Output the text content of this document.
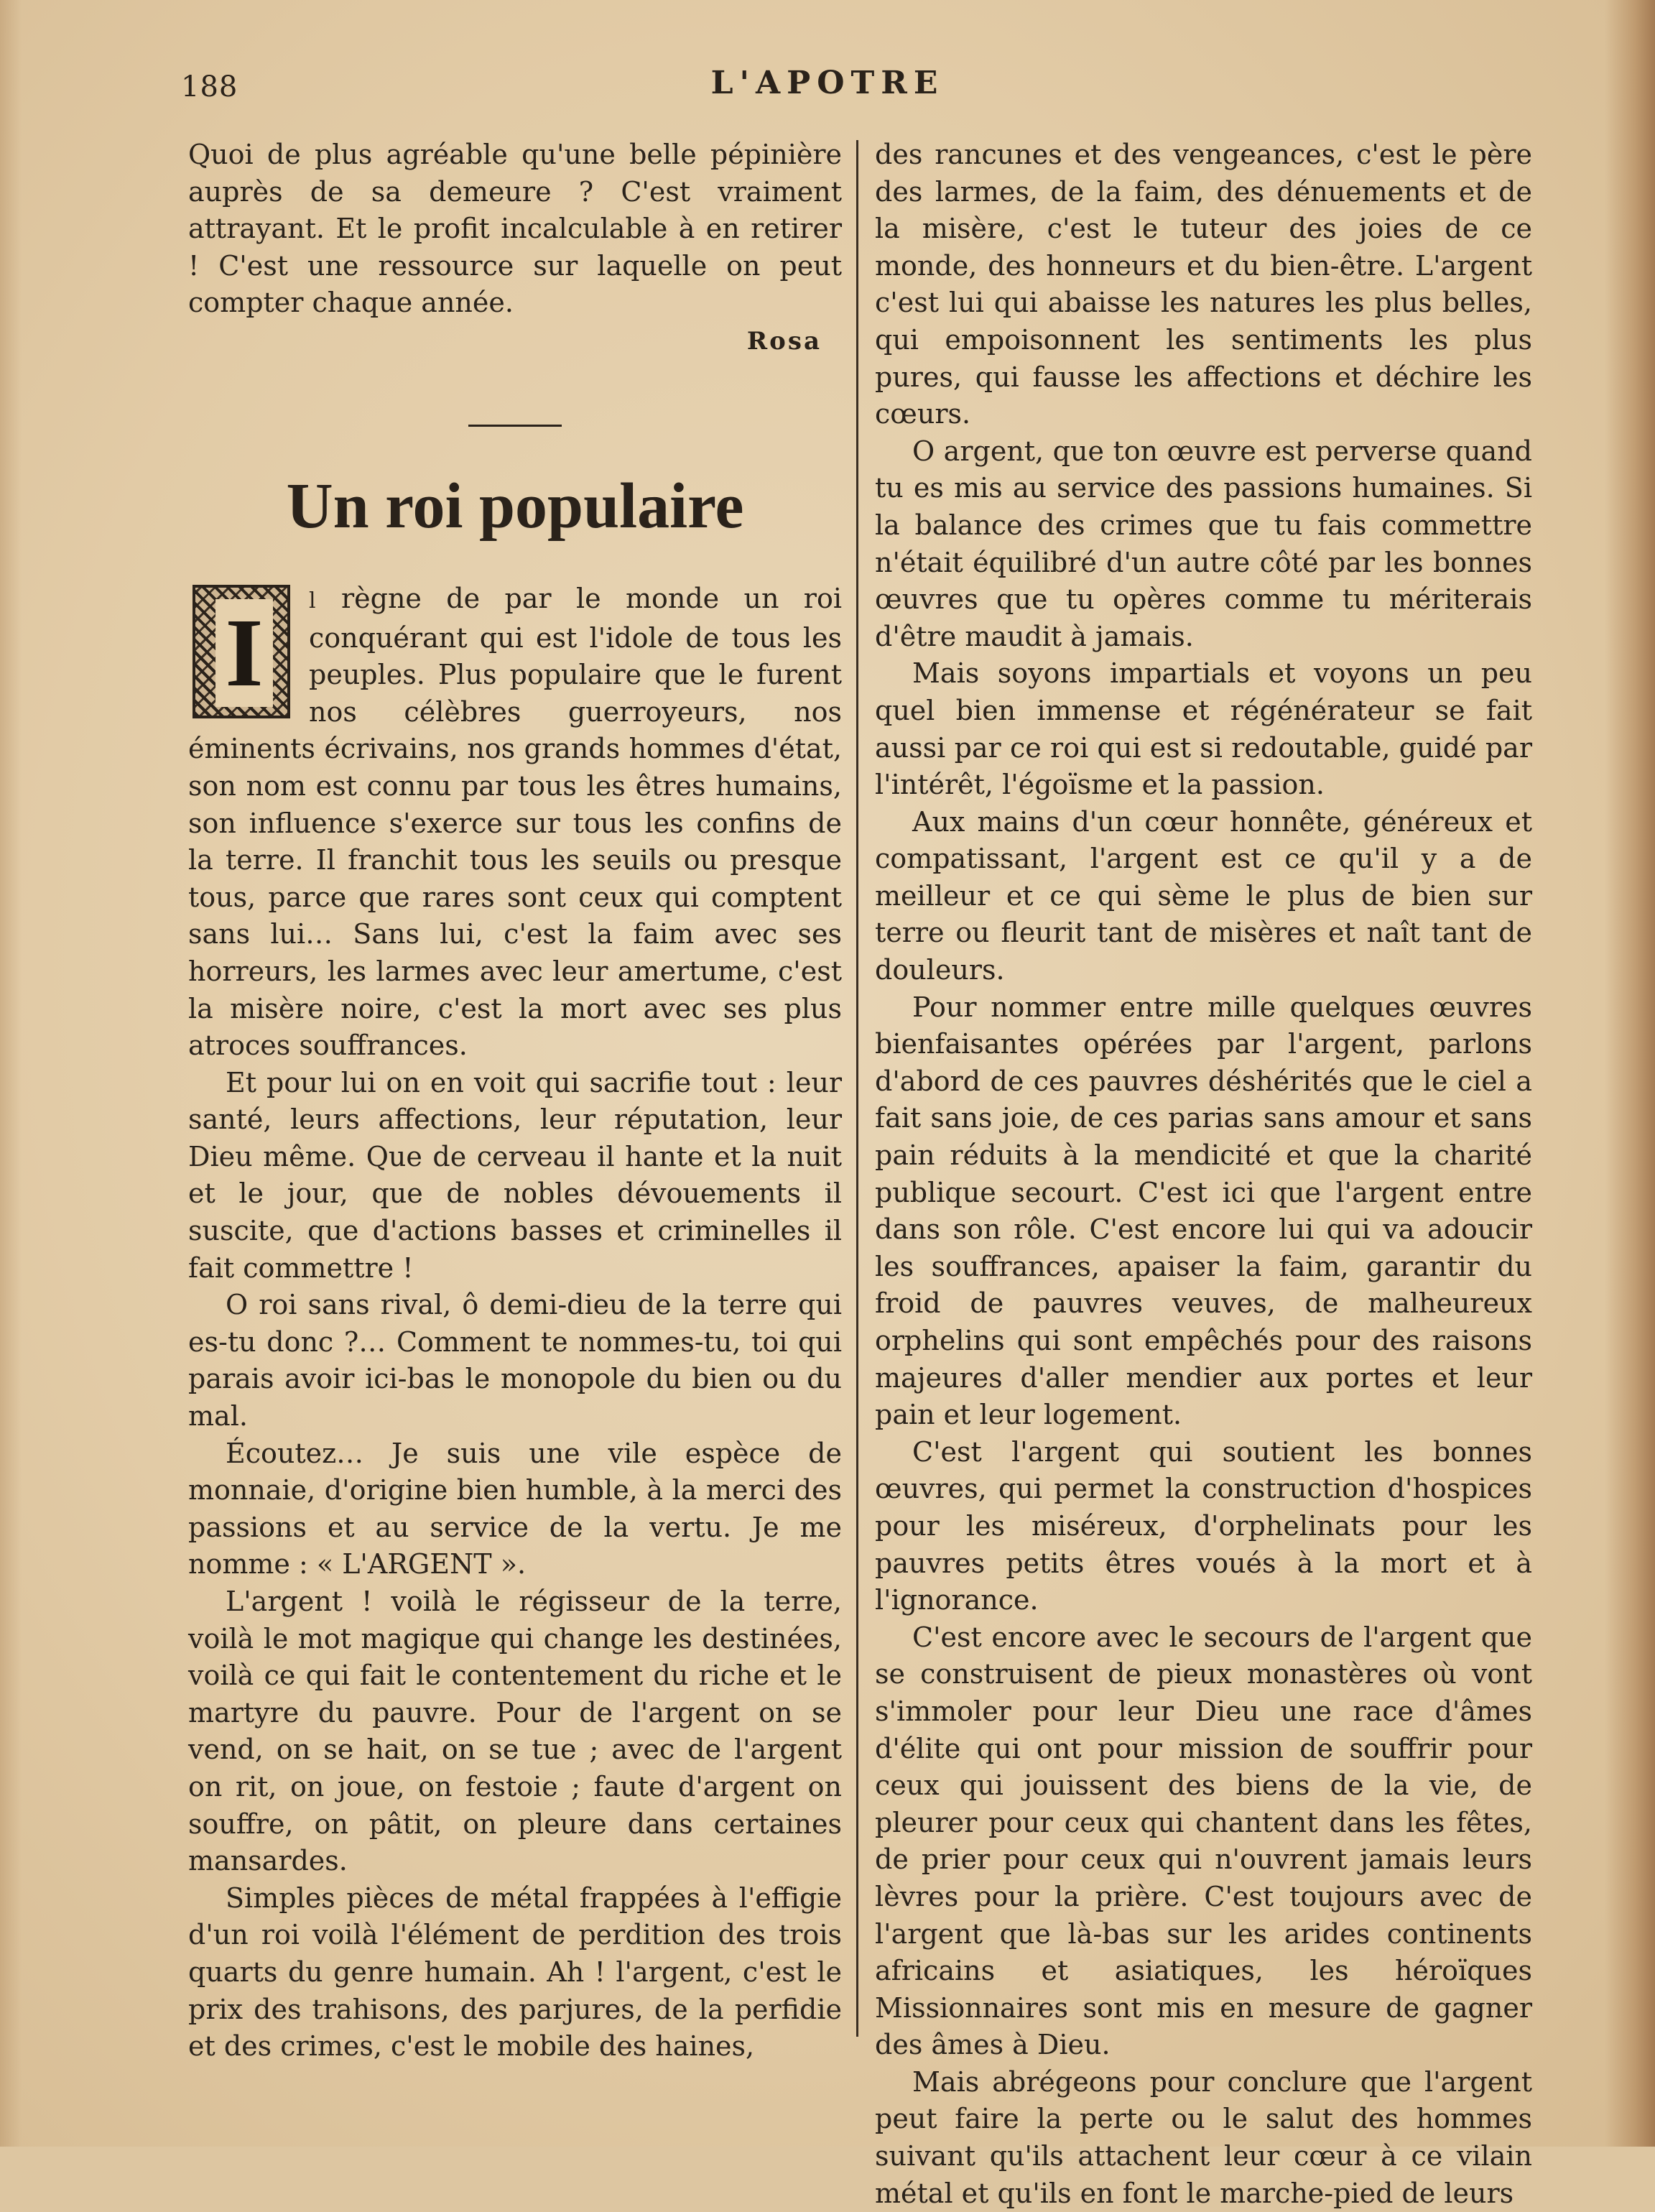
188	L'APOTRE

Quoi de plus agréable qu'une belle pépinière auprès de sa demeure ? C'est vraiment attrayant. Et le profit incalculable à en retirer ! C'est une ressource sur laquelle on peut compter chaque année.

Rosa
Un roi populaire
I	l règne de par le monde un roi conquérant qui est l'idole de tous les peuples. Plus populaire que le furent nos célèbres guerroyeurs, nos éminents écrivains, nos grands hommes d'état, son nom est connu par tous les êtres humains, son influence s'exerce sur tous les confins de la terre. Il franchit tous les seuils ou presque tous, parce que rares sont ceux qui comptent sans lui… Sans lui, c'est la faim avec ses horreurs, les larmes avec leur amertume, c'est la misère noire, c'est la mort avec ses plus atroces souffrances.

Et pour lui on en voit qui sacrifie tout : leur santé, leurs affections, leur réputation, leur Dieu même. Que de cerveau il hante et la nuit et le jour, que de nobles dévouements il suscite, que d'actions basses et criminelles il fait commettre !

O roi sans rival, ô demi-dieu de la terre qui es-tu donc ?… Comment te nommes-tu, toi qui parais avoir ici-bas le monopole du bien ou du mal.

Écoutez… Je suis une vile espèce de monnaie, d'origine bien humble, à la merci des passions et au service de la vertu. Je me nomme : « L'ARGENT ».

L'argent ! voilà le régisseur de la terre, voilà le mot magique qui change les destinées, voilà ce qui fait le contentement du riche et le martyre du pauvre. Pour de l'argent on se vend, on se hait, on se tue ; avec de l'argent on rit, on joue, on festoie ; faute d'argent on souffre, on pâtit, on pleure dans certaines mansardes.

Simples pièces de métal frappées à l'effigie d'un roi voilà l'élément de perdition des trois quarts du genre humain. Ah ! l'argent, c'est le prix des trahisons, des parjures, de la perfidie et des crimes, c'est le mobile des haines,

des rancunes et des vengeances, c'est le père des larmes, de la faim, des dénuements et de la misère, c'est le tuteur des joies de ce monde, des honneurs et du bien-être. L'argent c'est lui qui abaisse les natures les plus belles, qui empoisonnent les sentiments les plus pures, qui fausse les affections et déchire les cœurs.

O argent, que ton œuvre est perverse quand tu es mis au service des passions humaines. Si la balance des crimes que tu fais commettre n'était équilibré d'un autre côté par les bonnes œuvres que tu opères comme tu mériterais d'être maudit à jamais.

Mais soyons impartials et voyons un peu quel bien immense et régénérateur se fait aussi par ce roi qui est si redoutable, guidé par l'intérêt, l'égoïsme et la passion.

Aux mains d'un cœur honnête, généreux et compatissant, l'argent est ce qu'il y a de meilleur et ce qui sème le plus de bien sur terre ou fleurit tant de misères et naît tant de douleurs.

Pour nommer entre mille quelques œuvres bienfaisantes opérées par l'argent, parlons d'abord de ces pauvres déshérités que le ciel a fait sans joie, de ces parias sans amour et sans pain réduits à la mendicité et que la charité publique secourt. C'est ici que l'argent entre dans son rôle. C'est encore lui qui va adoucir les souffrances, apaiser la faim, garantir du froid de pauvres veuves, de malheureux orphelins qui sont empêchés pour des raisons majeures d'aller mendier aux portes et leur pain et leur logement.

C'est l'argent qui soutient les bonnes œuvres, qui permet la construction d'hospices pour les miséreux, d'orphelinats pour les pauvres petits êtres voués à la mort et à l'ignorance.

C'est encore avec le secours de l'argent que se construisent de pieux monastères où vont s'immoler pour leur Dieu une race d'âmes d'élite qui ont pour mission de souffrir pour ceux qui jouissent des biens de la vie, de pleurer pour ceux qui chantent dans les fêtes, de prier pour ceux qui n'ouvrent jamais leurs lèvres pour la prière. C'est toujours avec de l'argent que là-bas sur les arides continents africains et asiatiques, les héroïques Missionnaires sont mis en mesure de gagner des âmes à Dieu.

Mais abrégeons pour conclure que l'argent peut faire la perte ou le salut des hommes suivant qu'ils attachent leur cœur à ce vilain métal et qu'ils en font le marche-pied de leurs
